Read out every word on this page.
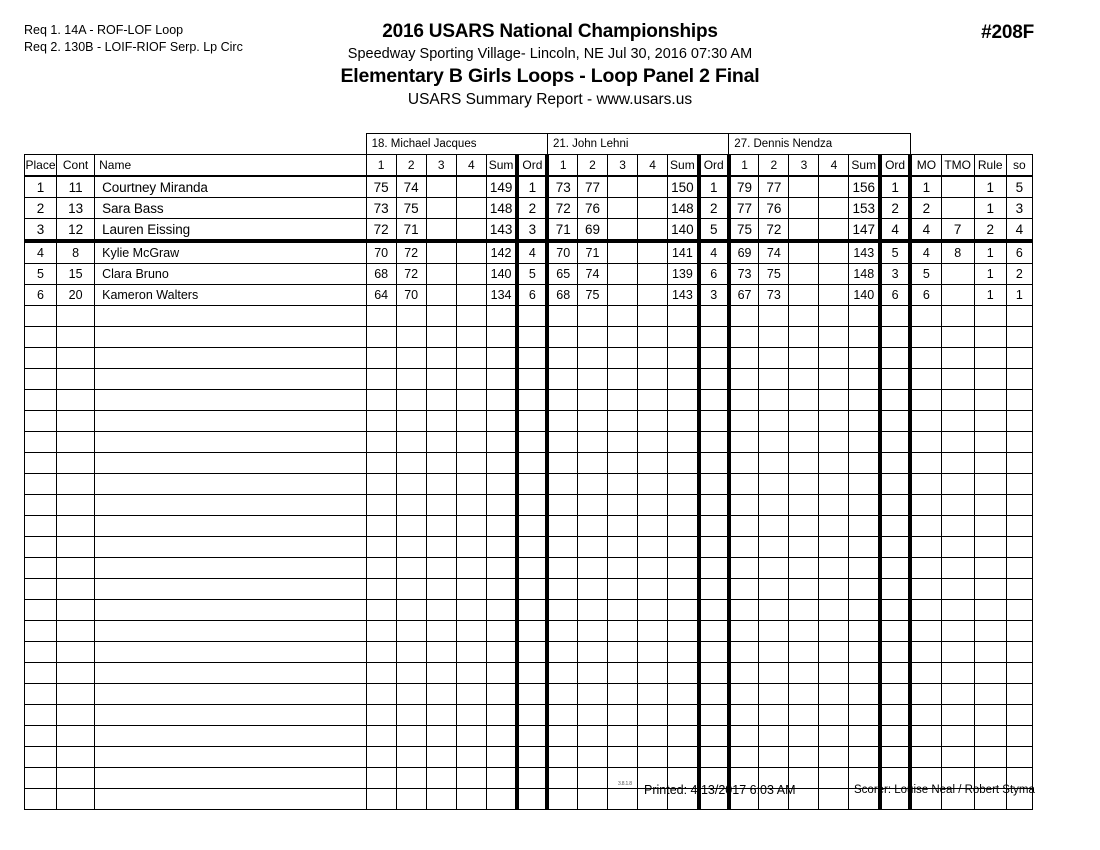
Req 1. 14A - ROF-LOF Loop
Req 2. 130B - LOIF-RIOF Serp. Lp Circ
2016 USARS National Championships
Speedway Sporting Village- Lincoln, NE Jul 30, 2016 07:30 AM
Elementary B Girls Loops - Loop Panel 2 Final
USARS Summary Report - www.usars.us
#208F
			18. Michael Jacques						21. John Lehni						27. Dennis Nendza									
Place	Cont	Name	1	2	3	4	Sum	Ord	1	2	3	4	Sum	Ord	1	2	3	4	Sum	Ord	MO	TMO	Rule	so
1	11	Courtney Miranda	75	74			149	1	73	77			150	1	79	77			156	1	1		1	5
2	13	Sara Bass	73	75			148	2	72	76			148	2	77	76			153	2	2		1	3
3	12	Lauren Eissing	72	71			143	3	71	69			140	5	75	72			147	4	4	7	2	4
4	8	Kylie McGraw	70	72			142	4	70	71			141	4	69	74			143	5	4	8	1	6
5	15	Clara Bruno	68	72			140	5	65	74			139	6	73	75			148	3	5		1	2
6	20	Kameron Walters	64	70			134	6	68	75			143	3	67	73			140	6	6		1	1

3.8.1.8 Printed: 4/13/2017 6:03 AM	Scorer: Louise Neal / Robert Styma
